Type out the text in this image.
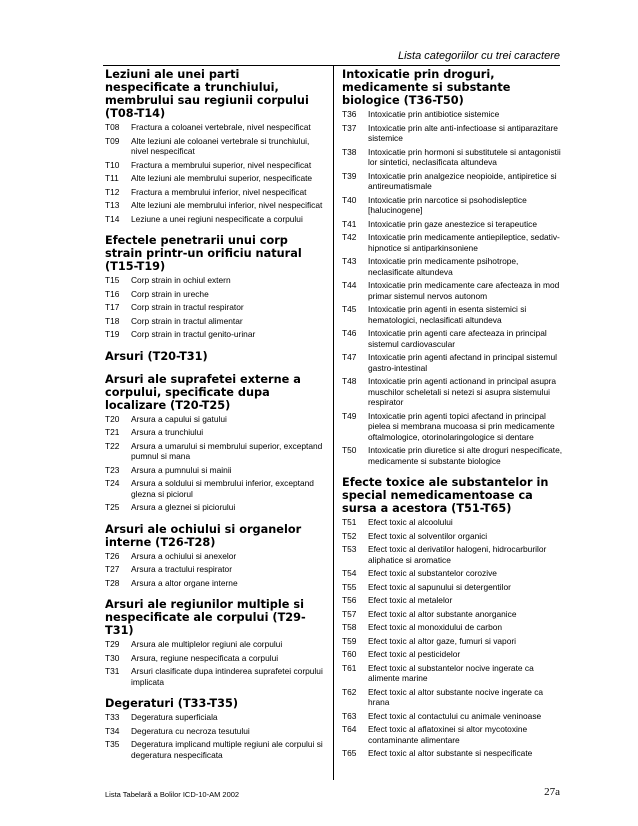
Lista categoriilor cu trei caractere
Leziuni ale unei parti nespecificate a trunchiului, membrului sau regiunii corpului (T08-T14)
T08	Fractura a coloanei vertebrale, nivel nespecificat
T09	Alte leziuni ale coloanei vertebrale si trunchiului, nivel nespecificat
T10	Fractura a membrului superior, nivel nespecificat
T11	Alte leziuni ale membrului superior, nespecificate
T12	Fractura a membrului inferior, nivel nespecificat
T13	Alte leziuni ale membrului inferior, nivel nespecificat
T14	Leziune a unei regiuni nespecificate a corpului
Efectele penetrarii unui corp strain printr-un orificiu natural (T15-T19)
T15	Corp strain in ochiul extern
T16	Corp strain in ureche
T17	Corp strain in tractul respirator
T18	Corp strain in tractul alimentar
T19	Corp strain in tractul genito-urinar
Arsuri (T20-T31)
Arsuri ale suprafetei externe a corpului, specificate dupa localizare (T20-T25)
T20	Arsura a capului si gatului
T21	Arsura a trunchiului
T22	Arsura a umarului si membrului superior, exceptand pumnul si mana
T23	Arsura a pumnului si mainii
T24	Arsura a soldului si membrului inferior, exceptand glezna si piciorul
T25	Arsura a gleznei si piciorului
Arsuri ale ochiului si organelor interne (T26-T28)
T26	Arsura a ochiului si anexelor
T27	Arsura a tractului respirator
T28	Arsura a altor organe interne
Arsuri ale regiunilor multiple si nespecificate ale corpului (T29-T31)
T29	Arsura ale multiplelor regiuni ale corpului
T30	Arsura, regiune nespecificata a corpului
T31	Arsuri clasificate dupa intinderea suprafetei corpului implicata
Degeraturi (T33-T35)
T33	Degeratura superficiala
T34	Degeratura cu necroza tesutului
T35	Degeratura implicand multiple regiuni ale corpului si degeratura nespecificata
Intoxicatie prin droguri, medicamente si substante biologice (T36-T50)
T36	Intoxicatie prin antibiotice sistemice
T37	Intoxicatie prin alte anti-infectioase si antiparazitare sistemice
T38	Intoxicatie prin hormoni si substitutele si antagonistii lor sintetici, neclasificata altundeva
T39	Intoxicatie prin analgezice neopioide, antipiretice si antireumatismale
T40	Intoxicatie prin narcotice si psohodisleptice [halucinogene]
T41	Intoxicatie prin gaze anestezice si terapeutice
T42	Intoxicatie prin medicamente antiepileptice, sedativ-hipnotice si antiparkinsoniene
T43	Intoxicatie prin medicamente psihotrope, neclasificate altundeva
T44	Intoxicatie prin medicamente care afecteaza in mod primar sistemul nervos autonom
T45	Intoxicatie prin agenti in esenta sistemici si hematologici, neclasificati altundeva
T46	Intoxicatie prin agenti care afecteaza in principal sistemul cardiovascular
T47	Intoxicatie prin agenti afectand in principal sistemul gastro-intestinal
T48	Intoxicatie prin agenti actionand in principal asupra muschilor scheletali si netezi si asupra sistemului respirator
T49	Intoxicatie prin agenti topici afectand in principal pielea si membrana mucoasa si prin medicamente oftalmologice, otorinolaringologice si dentare
T50	Intoxicatie prin diuretice si alte droguri nespecificate, medicamente si substante biologice
Efecte toxice ale substantelor in special nemedicamentoase ca sursa a acestora (T51-T65)
T51	Efect toxic al alcoolului
T52	Efect toxic al solventilor organici
T53	Efect toxic al derivatilor halogeni, hidrocarburilor aliphatice si aromatice
T54	Efect toxic al substantelor corozive
T55	Efect toxic al sapunului si detergentilor
T56	Efect toxic al metalelor
T57	Efect toxic al altor substante anorganice
T58	Efect toxic al monoxidului de carbon
T59	Efect toxic al altor gaze, fumuri si vapori
T60	Efect toxic al pesticidelor
T61	Efect toxic al substantelor nocive ingerate ca alimente marine
T62	Efect toxic al altor substante nocive ingerate ca hrana
T63	Efect toxic al contactului cu animale veninoase
T64	Efect toxic al aflatoxinei si altor mycotoxine contaminante alimentare
T65	Efect toxic al altor substante si nespecificate
Lista Tabelară a Bolilor ICD-10-AM 2002	27a
